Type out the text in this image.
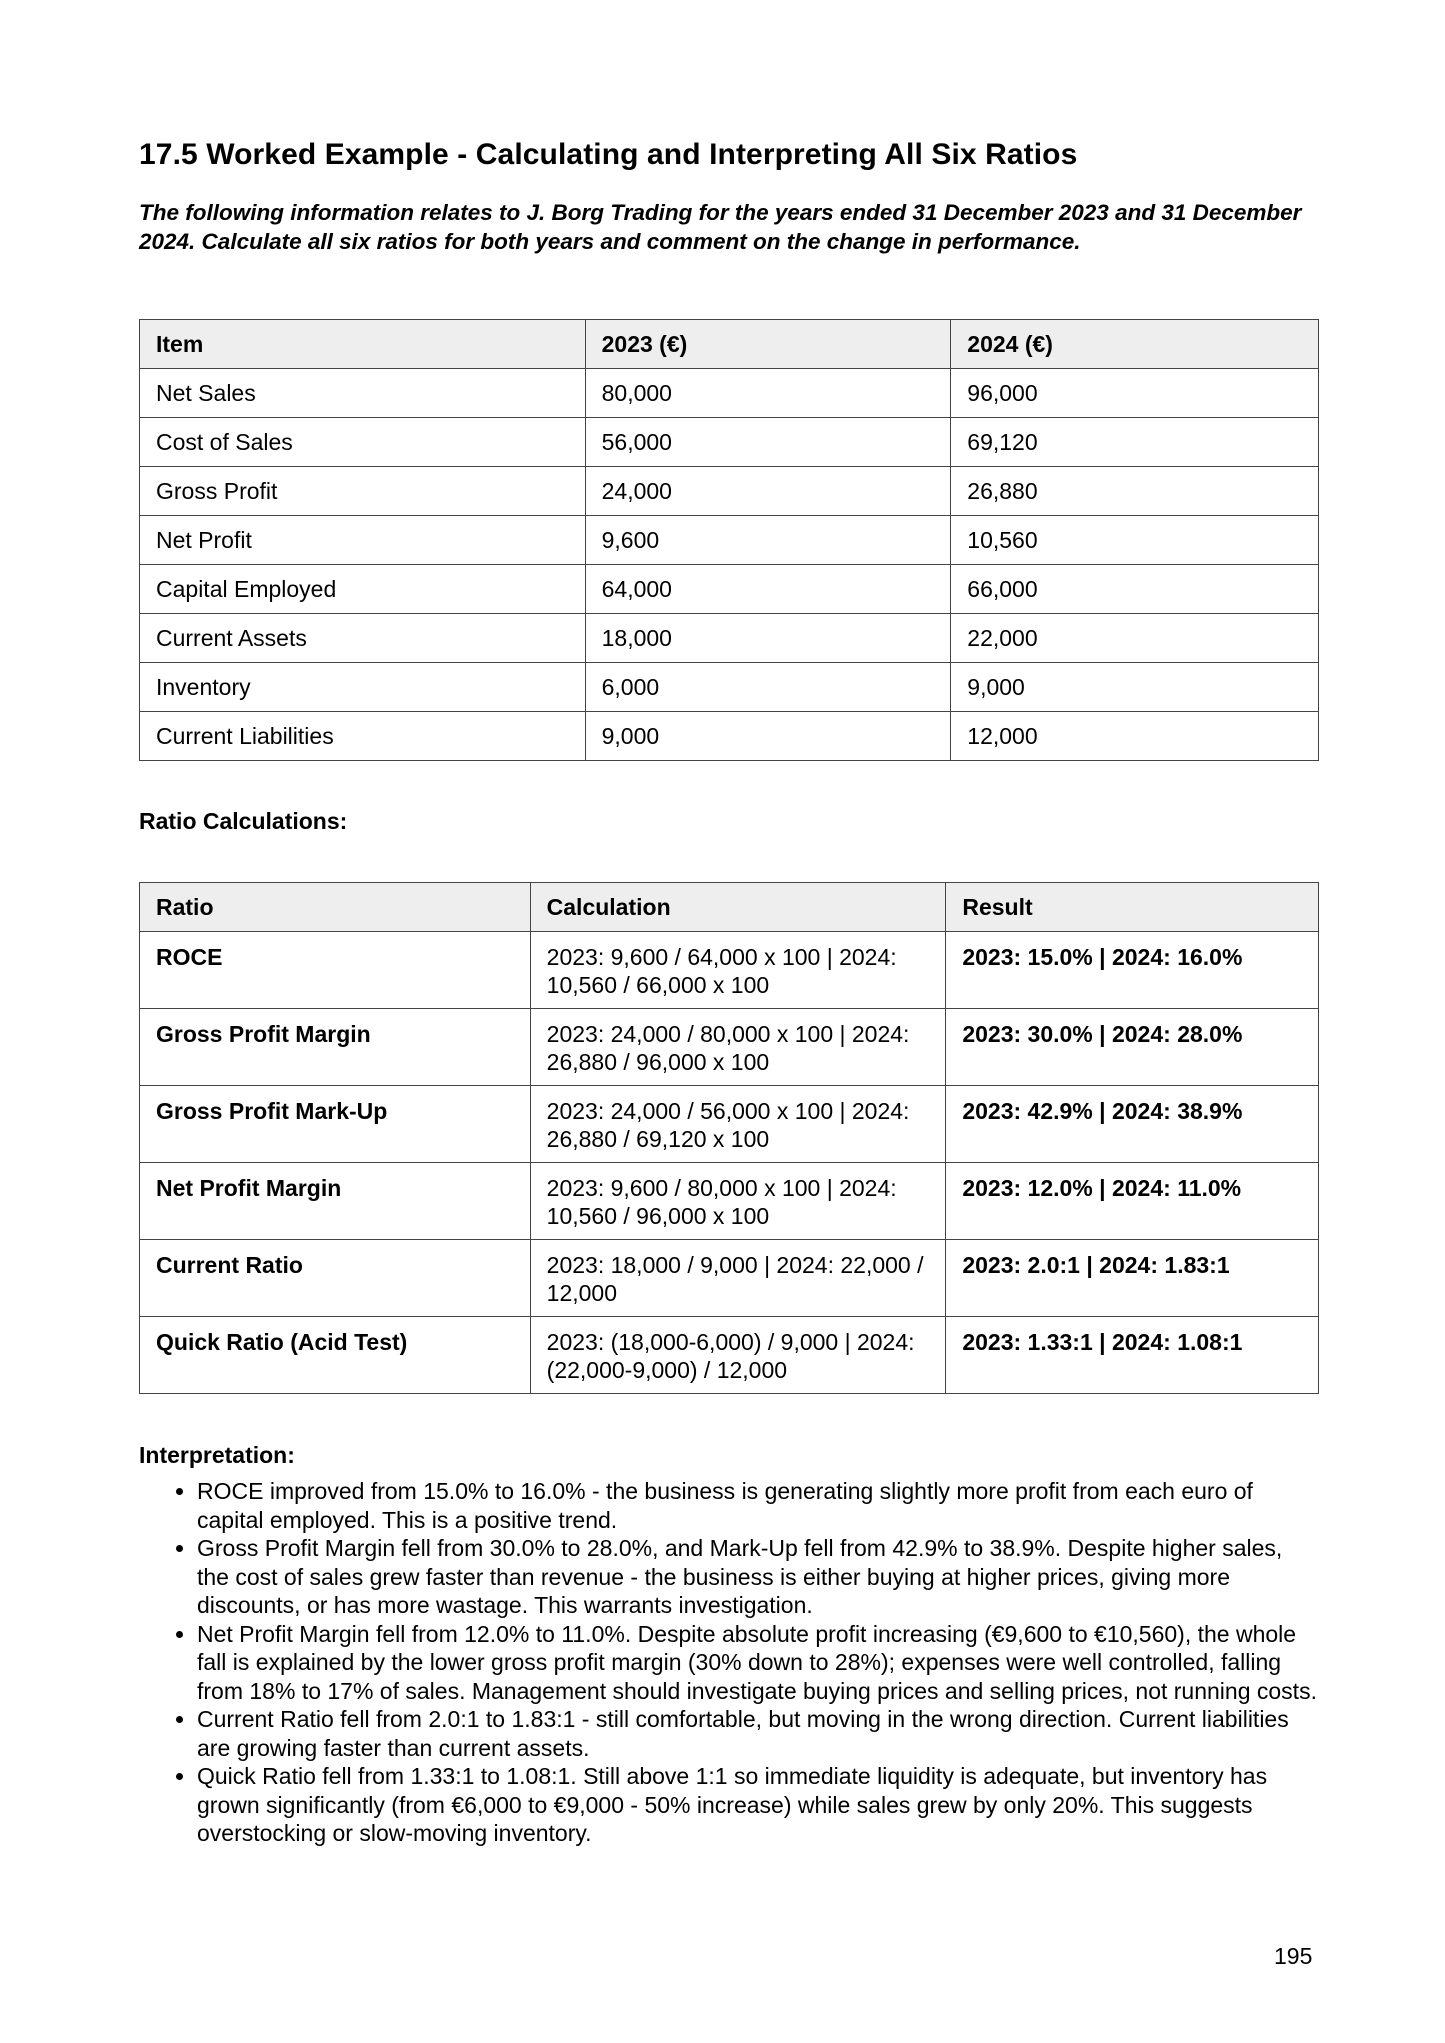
17.5 Worked Example - Calculating and Interpreting All Six Ratios
The following information relates to J. Borg Trading for the years ended 31 December 2023 and 31 December 2024. Calculate all six ratios for both years and comment on the change in performance.
Item	2023 (€)	2024 (€)
Net Sales	80,000	96,000
Cost of Sales	56,000	69,120
Gross Profit	24,000	26,880
Net Profit	9,600	10,560
Capital Employed	64,000	66,000
Current Assets	18,000	22,000
Inventory	6,000	9,000
Current Liabilities	9,000	12,000
Ratio Calculations:
Ratio	Calculation	Result
ROCE	2023: 9,600 / 64,000 x 100 | 2024: 10,560 / 66,000 x 100	2023: 15.0% | 2024: 16.0%
Gross Profit Margin	2023: 24,000 / 80,000 x 100 | 2024: 26,880 / 96,000 x 100	2023: 30.0% | 2024: 28.0%
Gross Profit Mark-Up	2023: 24,000 / 56,000 x 100 | 2024: 26,880 / 69,120 x 100	2023: 42.9% | 2024: 38.9%
Net Profit Margin	2023: 9,600 / 80,000 x 100 | 2024: 10,560 / 96,000 x 100	2023: 12.0% | 2024: 11.0%
Current Ratio	2023: 18,000 / 9,000 | 2024: 22,000 / 12,000	2023: 2.0:1 | 2024: 1.83:1
Quick Ratio (Acid Test)	2023: (18,000-6,000) / 9,000 | 2024: (22,000-9,000) / 12,000	2023: 1.33:1 | 2024: 1.08:1
Interpretation:
• ROCE improved from 15.0% to 16.0% - the business is generating slightly more profit from each euro of capital employed. This is a positive trend.
• Gross Profit Margin fell from 30.0% to 28.0%, and Mark-Up fell from 42.9% to 38.9%. Despite higher sales, the cost of sales grew faster than revenue - the business is either buying at higher prices, giving more discounts, or has more wastage. This warrants investigation.
• Net Profit Margin fell from 12.0% to 11.0%. Despite absolute profit increasing (€9,600 to €10,560), the whole fall is explained by the lower gross profit margin (30% down to 28%); expenses were well controlled, falling from 18% to 17% of sales. Management should investigate buying prices and selling prices, not running costs.
• Current Ratio fell from 2.0:1 to 1.83:1 - still comfortable, but moving in the wrong direction. Current liabilities are growing faster than current assets.
• Quick Ratio fell from 1.33:1 to 1.08:1. Still above 1:1 so immediate liquidity is adequate, but inventory has grown significantly (from €6,000 to €9,000 - 50% increase) while sales grew by only 20%. This suggests overstocking or slow-moving inventory.
195
